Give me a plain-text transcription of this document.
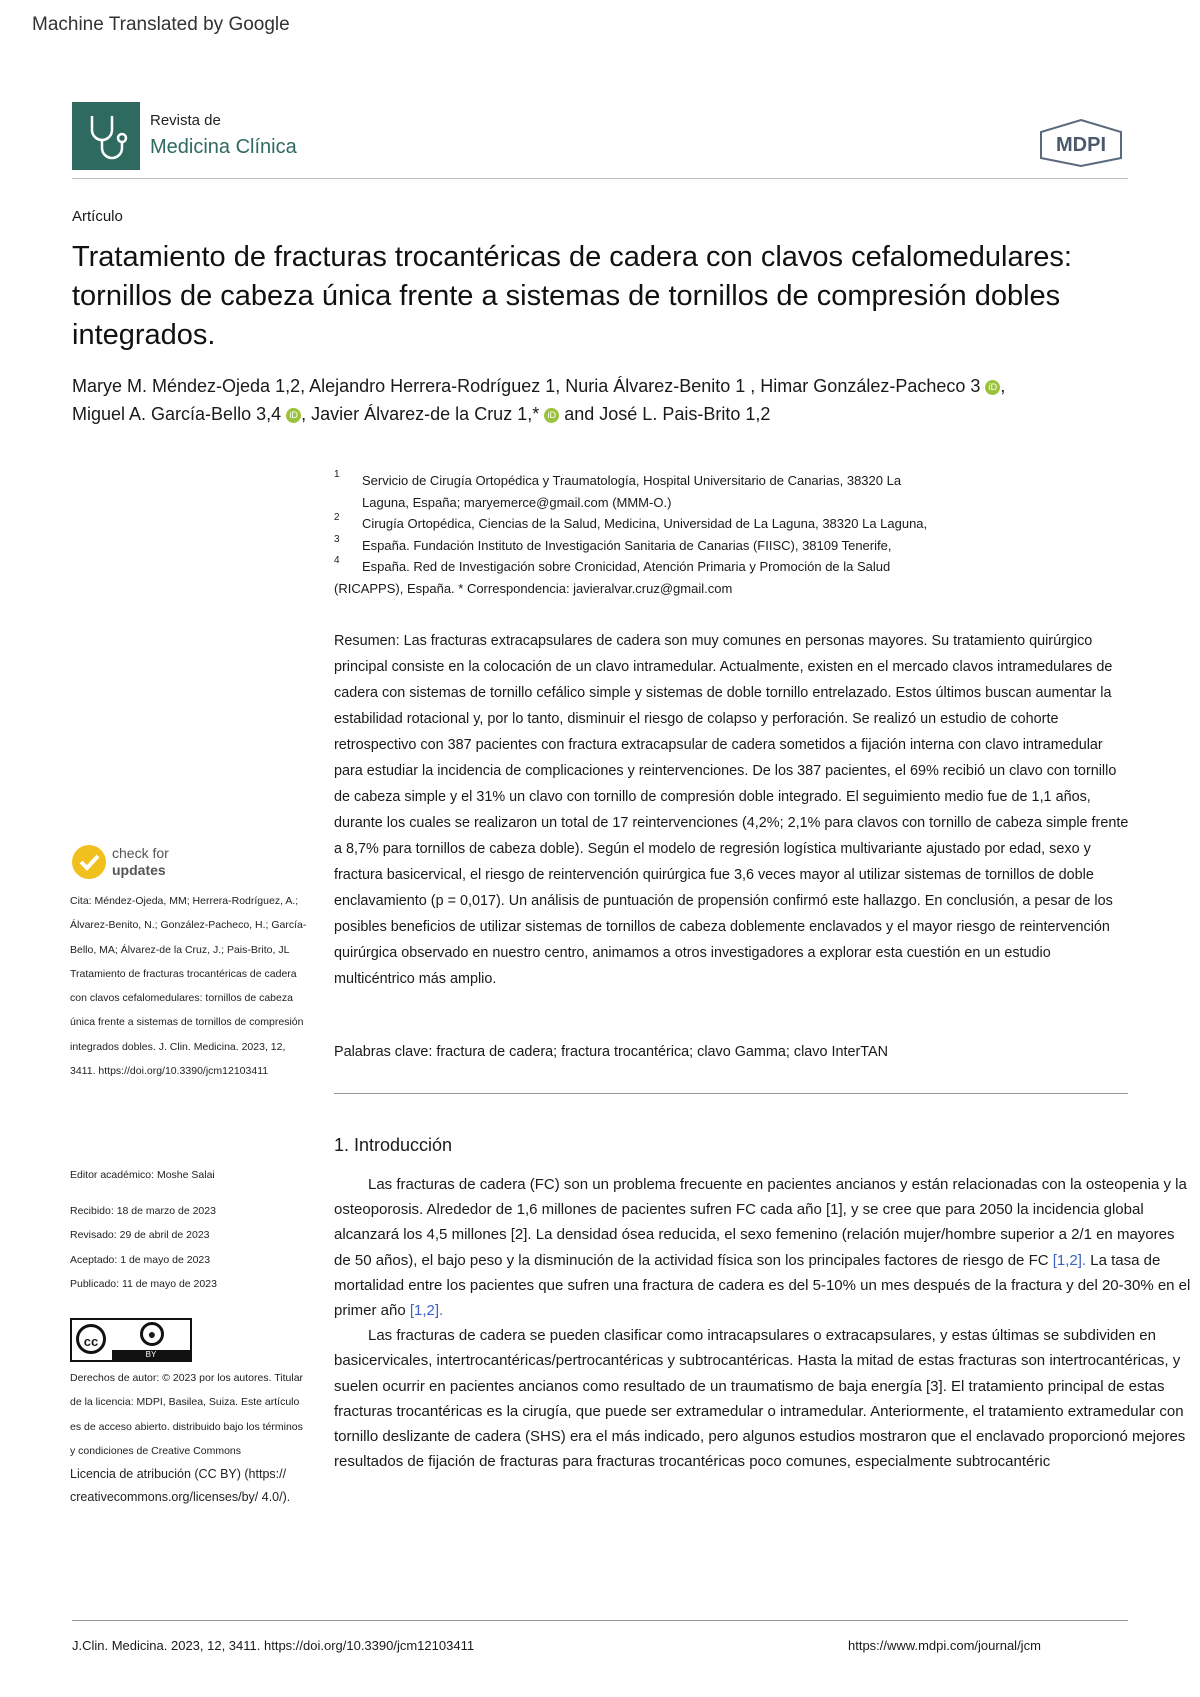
Machine Translated by Google
Revista de
Medicina Clínica	MDPI
Artículo
Tratamiento de fracturas trocantéricas de cadera con clavos cefalomedulares: tornillos de cabeza única frente a sistemas de tornillos de compresión dobles integrados.
Marye M. Méndez-Ojeda 1,2, Alejandro Herrera-Rodríguez 1, Nuria Álvarez-Benito 1 , Himar González-Pacheco 3 iD ,
Miguel A. García-Bello 3,4 iD , Javier Álvarez-de la Cruz 1,* iD and José L. Pais-Brito 1,2
1 Servicio de Cirugía Ortopédica y Traumatología, Hospital Universitario de Canarias, 38320 La
Laguna, España; maryemerce@gmail.com (MMM-O.)
2 Cirugía Ortopédica, Ciencias de la Salud, Medicina, Universidad de La Laguna, 38320 La Laguna,
3 España. Fundación Instituto de Investigación Sanitaria de Canarias (FIISC), 38109 Tenerife,
4 España. Red de Investigación sobre Cronicidad, Atención Primaria y Promoción de la Salud
(RICAPPS), España. * Correspondencia: javieralvar.cruz@gmail.com
Resumen: Las fracturas extracapsulares de cadera son muy comunes en personas mayores. Su tratamiento quirúrgico principal consiste en la colocación de un clavo intramedular. Actualmente, existen en el mercado clavos intramedulares de cadera con sistemas de tornillo cefálico simple y sistemas de doble tornillo entrelazado. Estos últimos buscan aumentar la estabilidad rotacional y, por lo tanto, disminuir el riesgo de colapso y perforación. Se realizó un estudio de cohorte retrospectivo con 387 pacientes con fractura extracapsular de cadera sometidos a fijación interna con clavo intramedular para estudiar la incidencia de complicaciones y reintervenciones. De los 387 pacientes, el 69% recibió un clavo con tornillo de cabeza simple y el 31% un clavo con tornillo de compresión doble integrado. El seguimiento medio fue de 1,1 años, durante los cuales se realizaron un total de 17 reintervenciones (4,2%; 2,1% para clavos con tornillo de cabeza simple frente a 8,7% para tornillos de cabeza doble). Según el modelo de regresión logística multivariante ajustado por edad, sexo y fractura basicervical, el riesgo de reintervención quirúrgica fue 3,6 veces mayor al utilizar sistemas de tornillos de doble enclavamiento (p = 0,017). Un análisis de puntuación de propensión confirmó este hallazgo. En conclusión, a pesar de los posibles beneficios de utilizar sistemas de tornillos de cabeza doblemente enclavados y el mayor riesgo de reintervención quirúrgica observado en nuestro centro, animamos a otros investigadores a explorar esta cuestión en un estudio multicéntrico más amplio.
Palabras clave: fractura de cadera; fractura trocantérica; clavo Gamma; clavo InterTAN
1. Introducción

Las fracturas de cadera (FC) son un problema frecuente en pacientes ancianos y están relacionadas con la osteopenia y la osteoporosis. Alrededor de 1,6 millones de pacientes sufren FC cada año [1], y se cree que para 2050 la incidencia global alcanzará los 4,5 millones [2]. La densidad ósea reducida, el sexo femenino (relación mujer/hombre superior a 2/1 en mayores de 50 años), el bajo peso y la disminución de la actividad física son los principales factores de riesgo de FC [1,2]. La tasa de mortalidad entre los pacientes que sufren una fractura de cadera es del 5-10% un mes después de la fractura y del 20-30% en el primer año [1,2].

Las fracturas de cadera se pueden clasificar como intracapsulares o extracapsulares, y estas últimas se subdividen en basicervicales, intertrocantéricas/pertrocantéricas y subtrocantéricas. Hasta la mitad de estas fracturas son intertrocantéricas, y suelen ocurrir en pacientes ancianos como resultado de un traumatismo de baja energía [3]. El tratamiento principal de estas fracturas trocantéricas es la cirugía, que puede ser extramedular o intramedular. Anteriormente, el tratamiento extramedular con tornillo deslizante de cadera (SHS) era el más indicado, pero algunos estudios mostraron que el enclavado proporcionó mejores resultados de fijación de fracturas para fracturas trocantéricas poco comunes, especialmente subtrocantéric

check for
updates
Cita: Méndez-Ojeda, MM; Herrera-Rodríguez, A.; Álvarez-Benito, N.; González-Pacheco, H.; García-Bello, MA; Álvarez-de la Cruz, J.; Pais-Brito, JL Tratamiento de fracturas trocantéricas de cadera con clavos cefalomedulares: tornillos de cabeza única frente a sistemas de tornillos de compresión integrados dobles. J. Clin. Medicina. 2023, 12, 3411. https://doi.org/10.3390/jcm12103411
Editor académico: Moshe Salai
Recibido: 18 de marzo de 2023
Revisado: 29 de abril de 2023
Aceptado: 1 de mayo de 2023
Publicado: 11 de mayo de 2023
cc	●
BY
Derechos de autor: © 2023 por los autores. Titular de la licencia: MDPI, Basilea, Suiza. Este artículo es de acceso abierto. distribuido bajo los términos y condiciones de Creative Commons
Licencia de atribución (CC BY) (https:// creativecommons.org/licenses/by/ 4.0/).
J.Clin. Medicina. 2023, 12, 3411. https://doi.org/10.3390/jcm12103411	https://www.mdpi.com/journal/jcm
